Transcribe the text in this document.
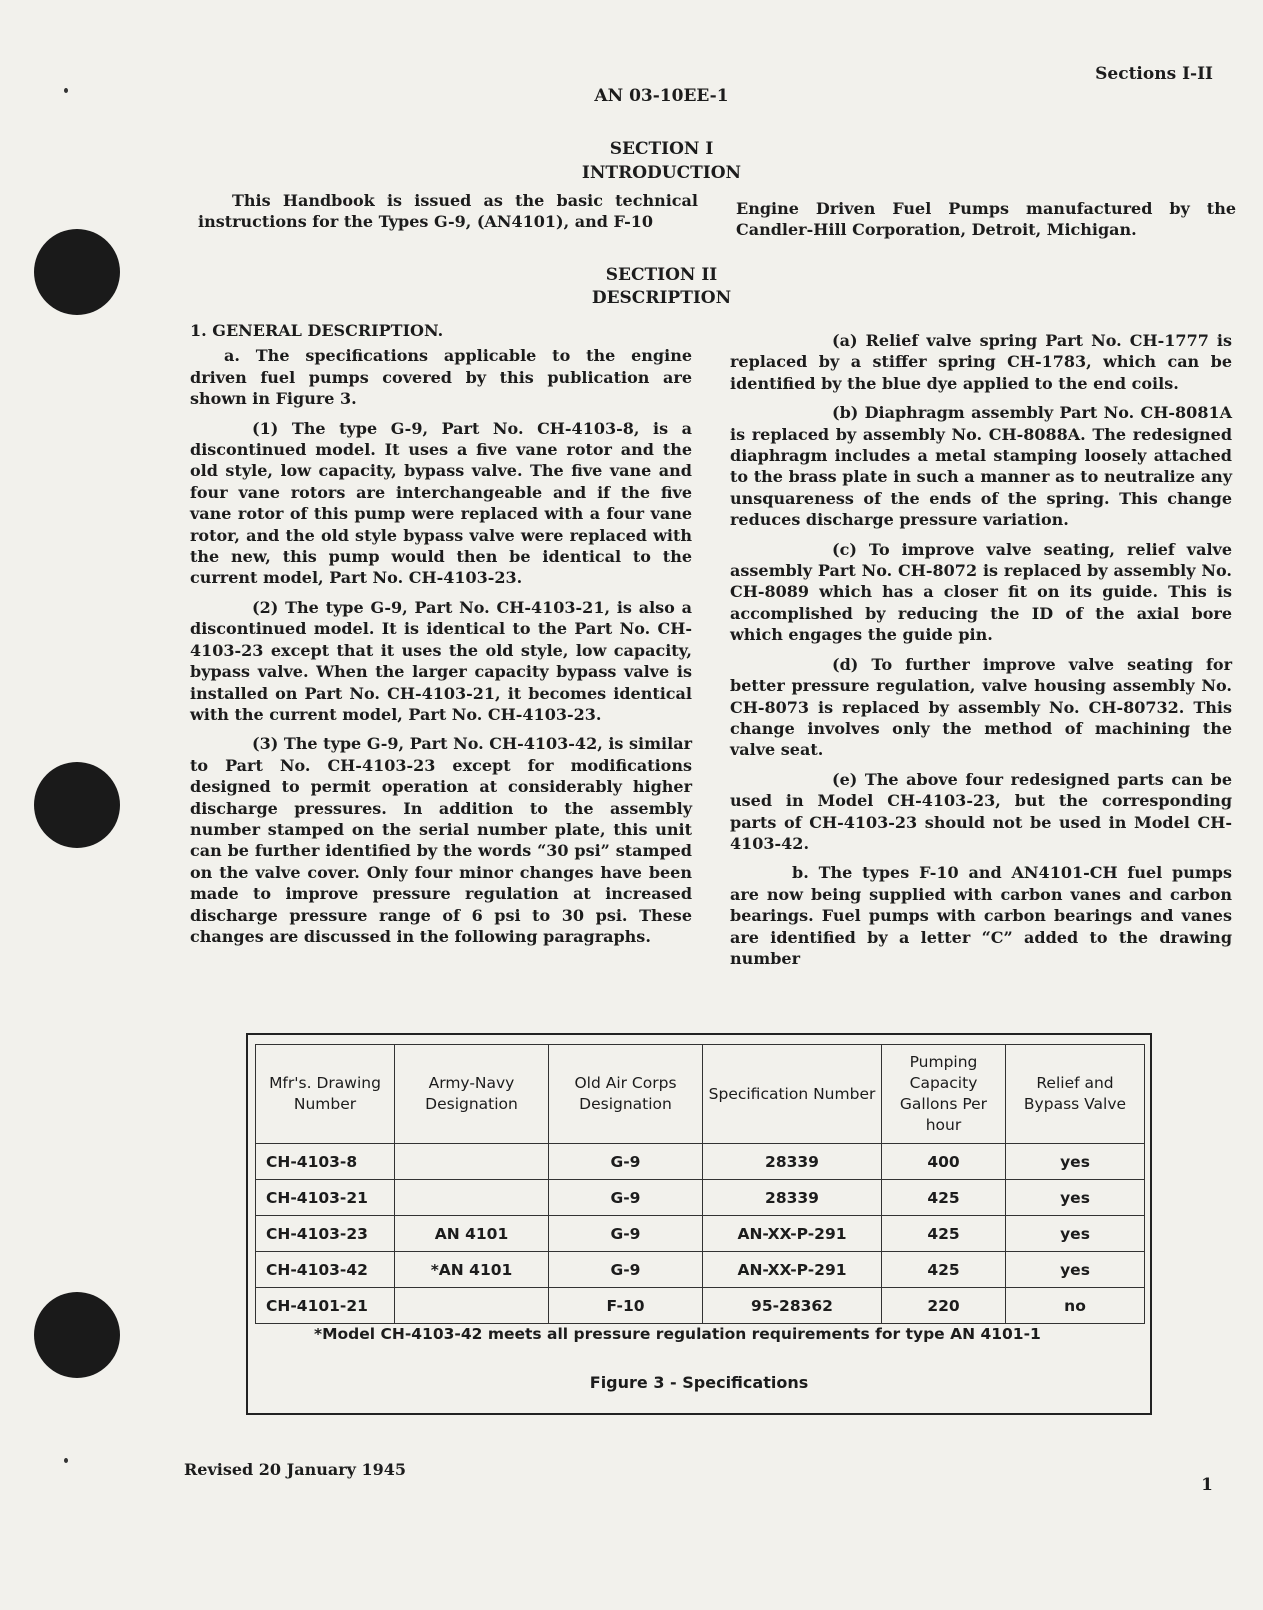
Sections I-II
AN 03-10EE-1
SECTION I
INTRODUCTION

This Handbook is issued as the basic technical instructions for the Types G-9, (AN4101), and F-10

Engine Driven Fuel Pumps manufactured by the Candler-Hill Corporation, Detroit, Michigan.

SECTION II
DESCRIPTION

1. GENERAL DESCRIPTION.

a. The specifications applicable to the engine driven fuel pumps covered by this publication are shown in Figure 3.

(1) The type G-9, Part No. CH-4103-8, is a discontinued model. It uses a five vane rotor and the old style, low capacity, bypass valve. The five vane and four vane rotors are interchangeable and if the five vane rotor of this pump were replaced with a four vane rotor, and the old style bypass valve were replaced with the new, this pump would then be identical to the current model, Part No. CH-4103-23.

(2) The type G-9, Part No. CH-4103-21, is also a discontinued model. It is identical to the Part No. CH-4103-23 except that it uses the old style, low capacity, bypass valve. When the larger capacity bypass valve is installed on Part No. CH-4103-21, it becomes identical with the current model, Part No. CH-4103-23.

(3) The type G-9, Part No. CH-4103-42, is similar to Part No. CH-4103-23 except for modifications designed to permit operation at considerably higher discharge pressures. In addition to the assembly number stamped on the serial number plate, this unit can be further identified by the words “30 psi” stamped on the valve cover. Only four minor changes have been made to improve pressure regulation at increased discharge pressure range of 6 psi to 30 psi. These changes are discussed in the following paragraphs.

(a) Relief valve spring Part No. CH-1777 is replaced by a stiffer spring CH-1783, which can be identified by the blue dye applied to the end coils.

(b) Diaphragm assembly Part No. CH-8081A is replaced by assembly No. CH-8088A. The redesigned diaphragm includes a metal stamping loosely attached to the brass plate in such a manner as to neutralize any unsquareness of the ends of the spring. This change reduces discharge pressure variation.

(c) To improve valve seating, relief valve assembly Part No. CH-8072 is replaced by assembly No. CH-8089 which has a closer fit on its guide. This is accomplished by reducing the ID of the axial bore which engages the guide pin.

(d) To further improve valve seating for better pressure regulation, valve housing assembly No. CH-8073 is replaced by assembly No. CH-80732. This change involves only the method of machining the valve seat.

(e) The above four redesigned parts can be used in Model CH-4103-23, but the corresponding parts of CH-4103-23 should not be used in Model CH-4103-42.

b. The types F-10 and AN4101-CH fuel pumps are now being supplied with carbon vanes and carbon bearings. Fuel pumps with carbon bearings and vanes are identified by a letter “C” added to the drawing number

Mfr's. Drawing Number	Army-Navy Designation	Old Air Corps Designation	Specification Number	Pumping Capacity Gallons Per hour	Relief and Bypass Valve
CH-4103-8		G-9	28339	400	yes
CH-4103-21		G-9	28339	425	yes
CH-4103-23	AN 4101	G-9	AN-XX-P-291	425	yes
CH-4103-42	*AN 4101	G-9	AN-XX-P-291	425	yes
CH-4101-21		F-10	95-28362	220	no
*Model CH-4103-42 meets all pressure regulation requirements for type AN 4101-1
Figure 3 - Specifications
Revised 20 January 1945
1
